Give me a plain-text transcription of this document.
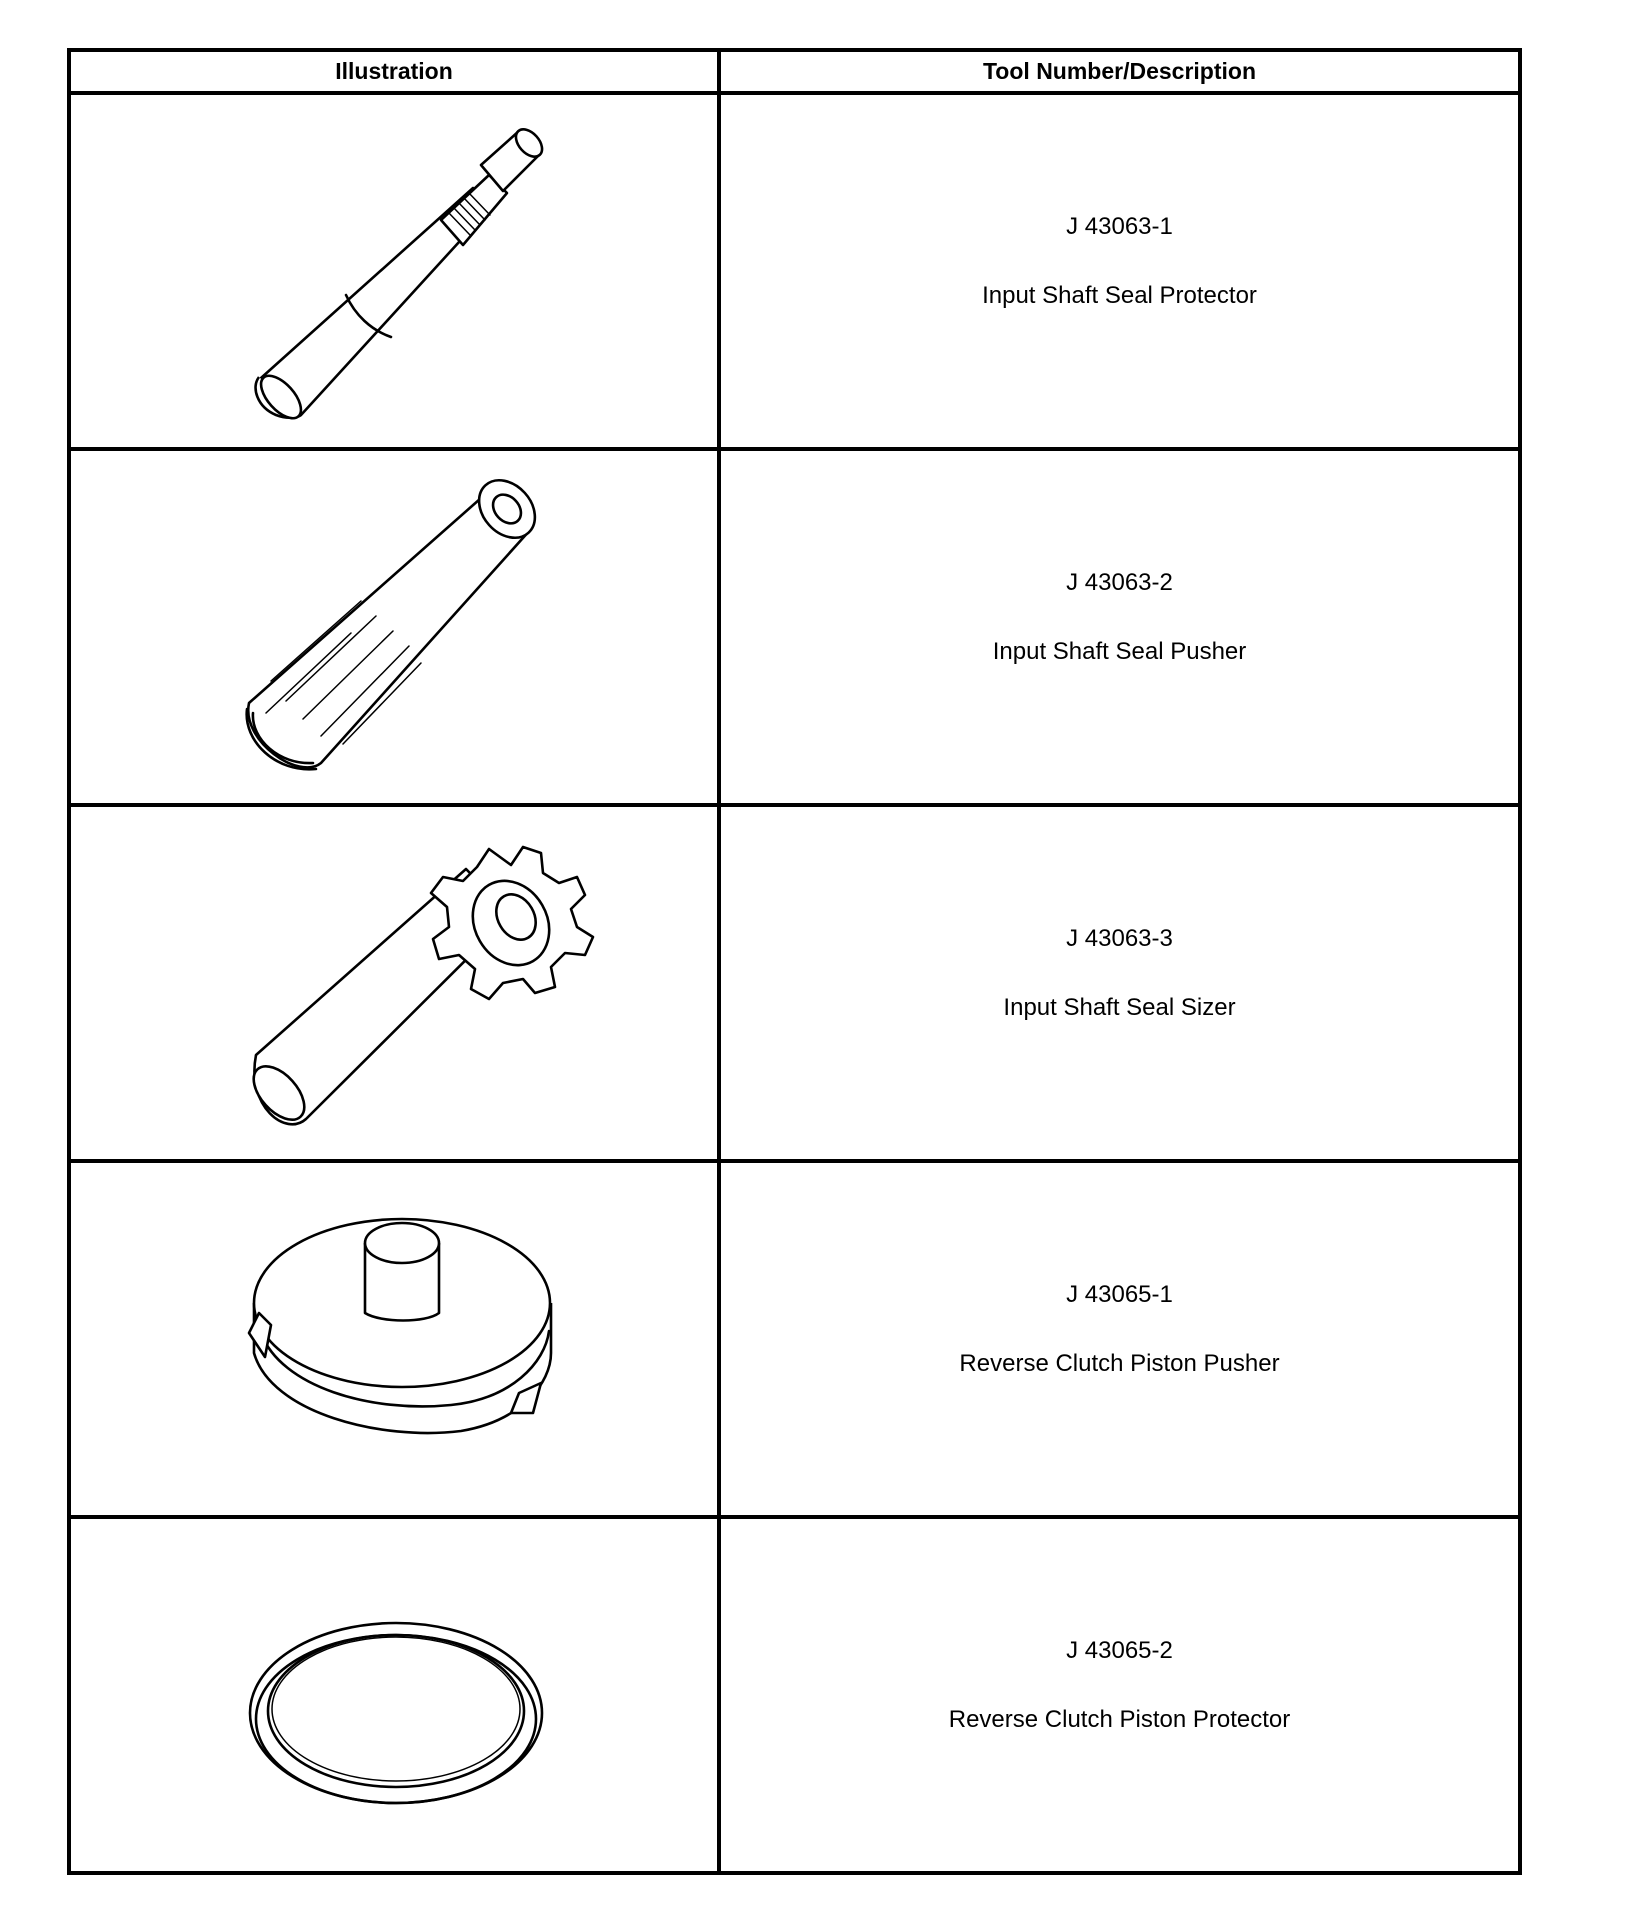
Illustration	Tool Number/Description

J 43063-1
Input Shaft Seal Protector

J 43063-2
Input Shaft Seal Pusher

J 43063-3
Input Shaft Seal Sizer

J 43065-1
Reverse Clutch Piston Pusher

J 43065-2
Reverse Clutch Piston Protector
